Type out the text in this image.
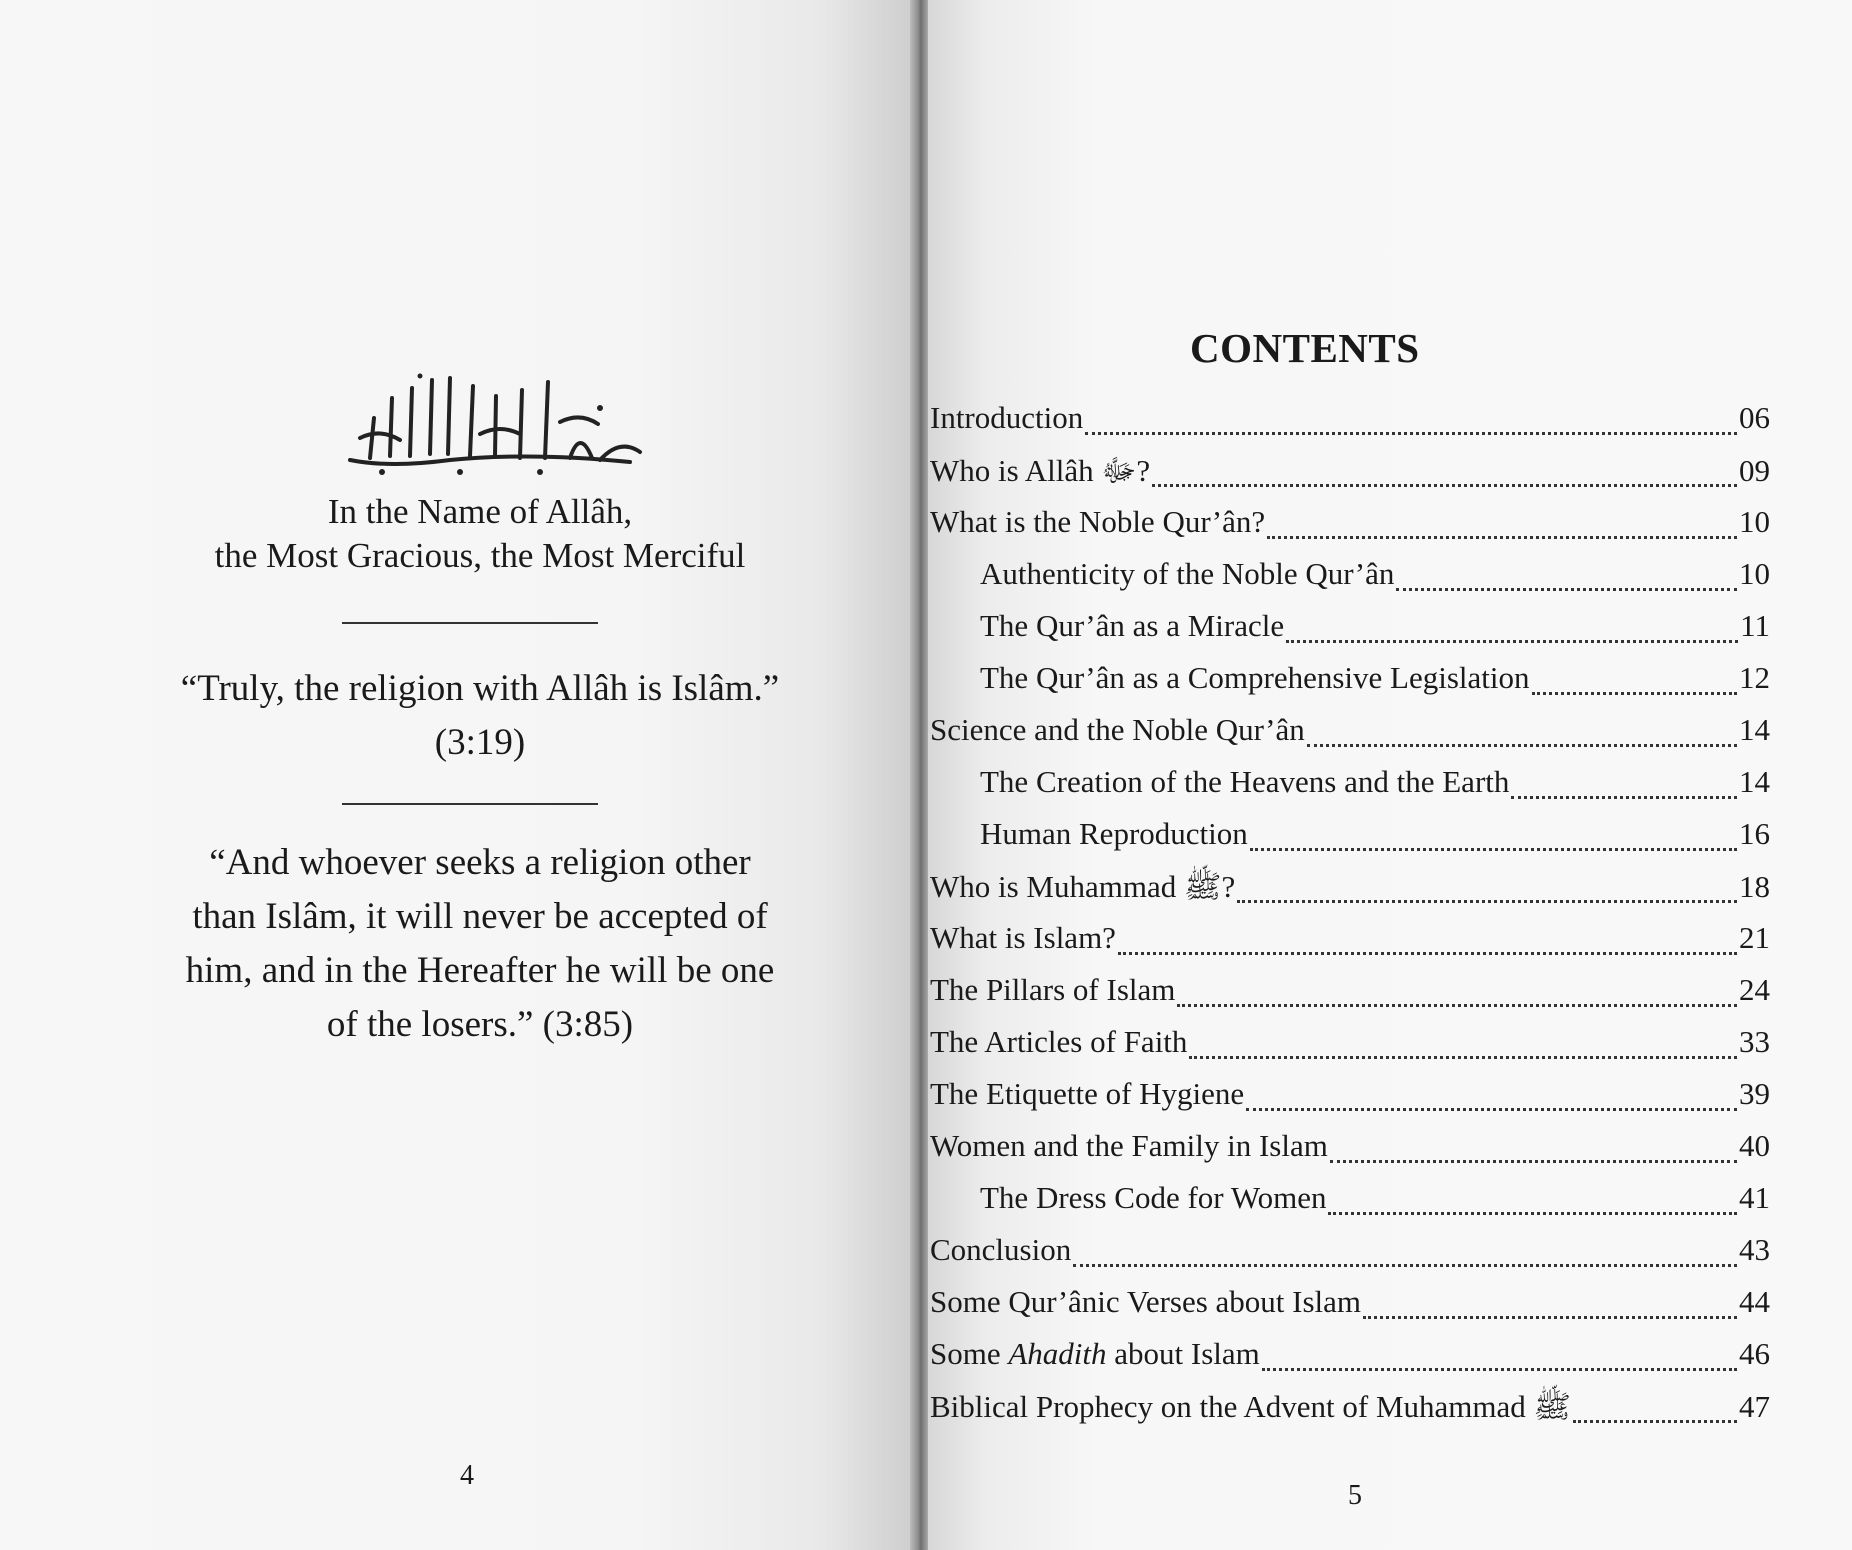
In the Name of Allâh,
the Most Gracious, the Most Merciful
“Truly, the religion with Allâh is Islâm.”
(3:19)
“And whoever seeks a religion other
than Islâm, it will never be accepted of
him, and in the Hereafter he will be one
of the losers.” (3:85)
4
CONTENTS
Introduction	06
Who is Allâh ﷻ?	09
What is the Noble Qur’ân?	10
Authenticity of the Noble Qur’ân	10
The Qur’ân as a Miracle	11
The Qur’ân as a Comprehensive Legislation	12
Science and the Noble Qur’ân	14
The Creation of the Heavens and the Earth	14
Human Reproduction	16
Who is Muhammad ﷺ?	18
What is Islam?	21
The Pillars of Islam	24
The Articles of Faith	33
The Etiquette of Hygiene	39
Women and the Family in Islam	40
The Dress Code for Women	41
Conclusion	43
Some Qur’ânic Verses about Islam	44
Some Ahadith about Islam	46
Biblical Prophecy on the Advent of Muhammad ﷺ	47
5
